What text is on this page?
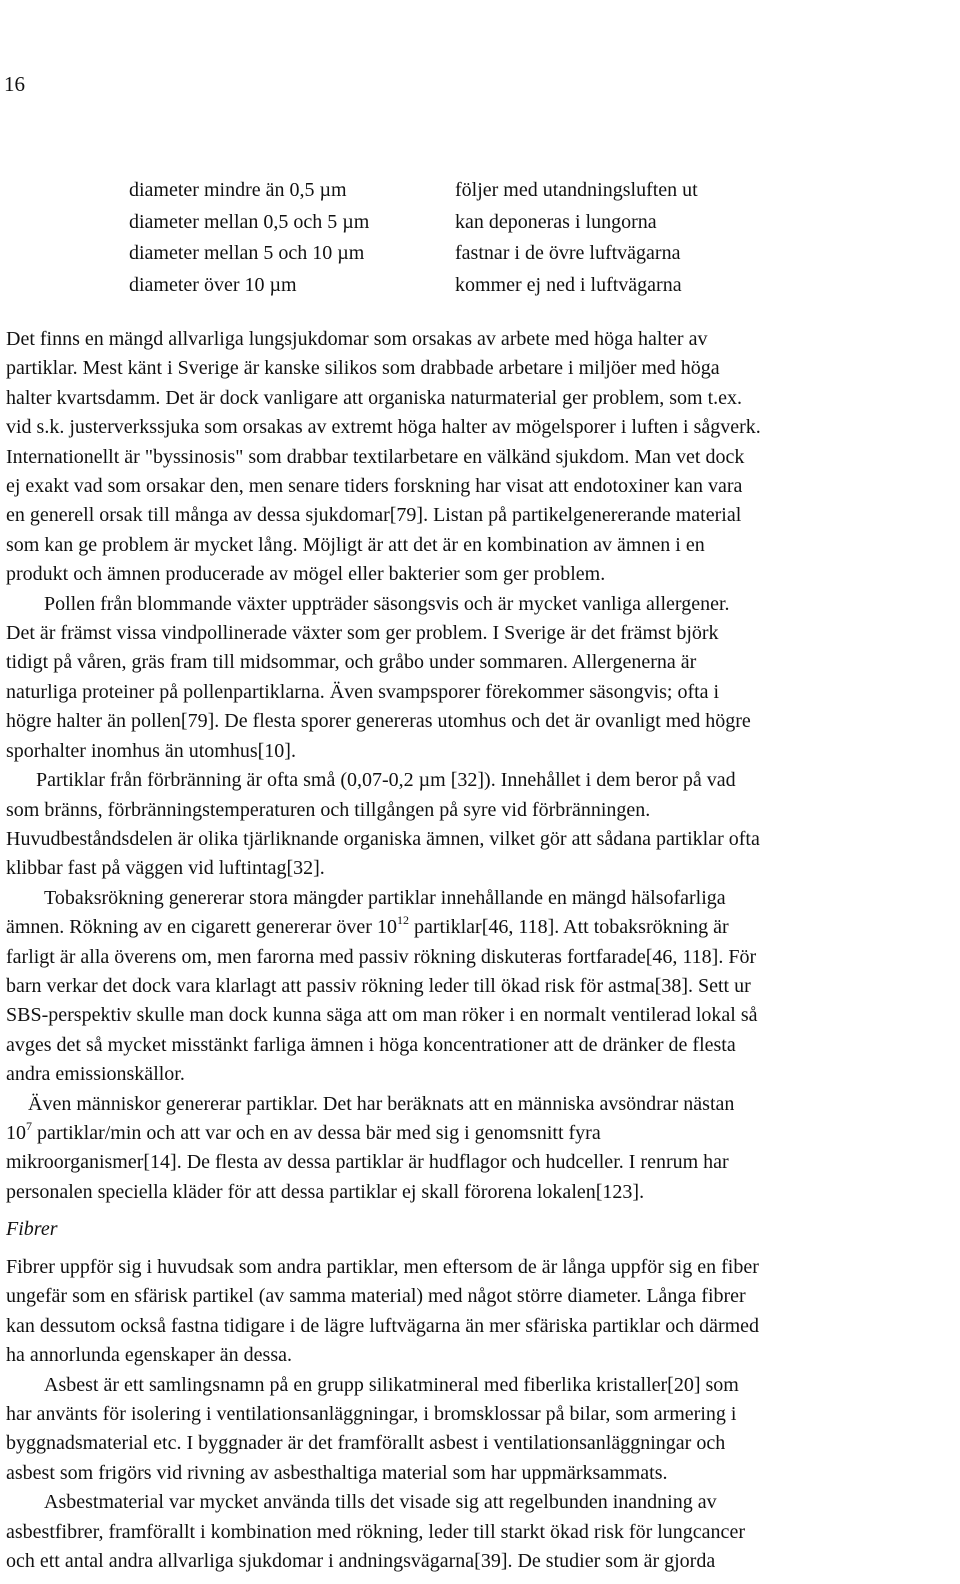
16
diameter mindre än 0,5 µm	följer med utandningsluften ut
diameter mellan 0,5 och 5 µm	kan deponeras i lungorna
diameter mellan 5 och 10 µm	fastnar i de övre luftvägarna
diameter över 10 µm	kommer ej ned i luftvägarna

Det finns en mängd allvarliga lungsjukdomar som orsakas av arbete med höga halter av

partiklar. Mest känt i Sverige är kanske silikos som drabbade arbetare i miljöer med höga

halter kvartsdamm. Det är dock vanligare att organiska naturmaterial ger problem, som t.ex.

vid s.k. justerverkssjuka som orsakas av extremt höga halter av mögelsporer i luften i sågverk.

Internationellt är "byssinosis" som drabbar textilarbetare en välkänd sjukdom. Man vet dock

ej exakt vad som orsakar den, men senare tiders forskning har visat att endotoxiner kan vara

en generell orsak till många av dessa sjukdomar[79]. Listan på partikelgenererande material

som kan ge problem är mycket lång. Möjligt är att det är en kombination av ämnen i en

produkt och ämnen producerade av mögel eller bakterier som ger problem.

Pollen från blommande växter uppträder säsongsvis och är mycket vanliga allergener.

Det är främst vissa vindpollinerade växter som ger problem. I Sverige är det främst björk

tidigt på våren, gräs fram till midsommar, och gråbo under sommaren. Allergenerna är

naturliga proteiner på pollenpartiklarna. Även svampsporer förekommer säsongvis; ofta i

högre halter än pollen[79]. De flesta sporer genereras utomhus och det är ovanligt med högre

sporhalter inomhus än utomhus[10].

Partiklar från förbränning är ofta små (0,07-0,2 µm [32]). Innehållet i dem beror på vad

som bränns, förbränningstemperaturen och tillgången på syre vid förbränningen.

Huvudbeståndsdelen är olika tjärliknande organiska ämnen, vilket gör att sådana partiklar ofta

klibbar fast på väggen vid luftintag[32].

Tobaksrökning genererar stora mängder partiklar innehållande en mängd hälsofarliga

ämnen. Rökning av en cigarett genererar över $10^{12}$ partiklar[46, 118]. Att tobaksrökning är

farligt är alla överens om, men farorna med passiv rökning diskuteras fortfarade[46, 118]. För

barn verkar det dock vara klarlagt att passiv rökning leder till ökad risk för astma[38]. Sett ur

SBS-perspektiv skulle man dock kunna säga att om man röker i en normalt ventilerad lokal så

avges det så mycket misstänkt farliga ämnen i höga koncentrationer att de dränker de flesta

andra emissionskällor.

Även människor genererar partiklar. Det har beräknats att en människa avsöndrar nästan

$10^7$ partiklar/min och att var och en av dessa bär med sig i genomsnitt fyra

mikroorganismer[14]. De flesta av dessa partiklar är hudflagor och hudceller. I renrum har

personalen speciella kläder för att dessa partiklar ej skall förorena lokalen[123].

Fibrer

Fibrer uppför sig i huvudsak som andra partiklar, men eftersom de är långa uppför sig en fiber

ungefär som en sfärisk partikel (av samma material) med något större diameter. Långa fibrer

kan dessutom också fastna tidigare i de lägre luftvägarna än mer sfäriska partiklar och därmed

ha annorlunda egenskaper än dessa.

Asbest är ett samlingsnamn på en grupp silikatmineral med fiberlika kristaller[20] som

har använts för isolering i ventilationsanläggningar, i bromsklossar på bilar, som armering i

byggnadsmaterial etc. I byggnader är det framförallt asbest i ventilationsanläggningar och

asbest som frigörs vid rivning av asbesthaltiga material som har uppmärksammats.

Asbestmaterial var mycket använda tills det visade sig att regelbunden inandning av

asbestfibrer, framförallt i kombination med rökning, leder till starkt ökad risk för lungcancer

och ett antal andra allvarliga sjukdomar i andningsvägarna[39]. De studier som är gjorda
